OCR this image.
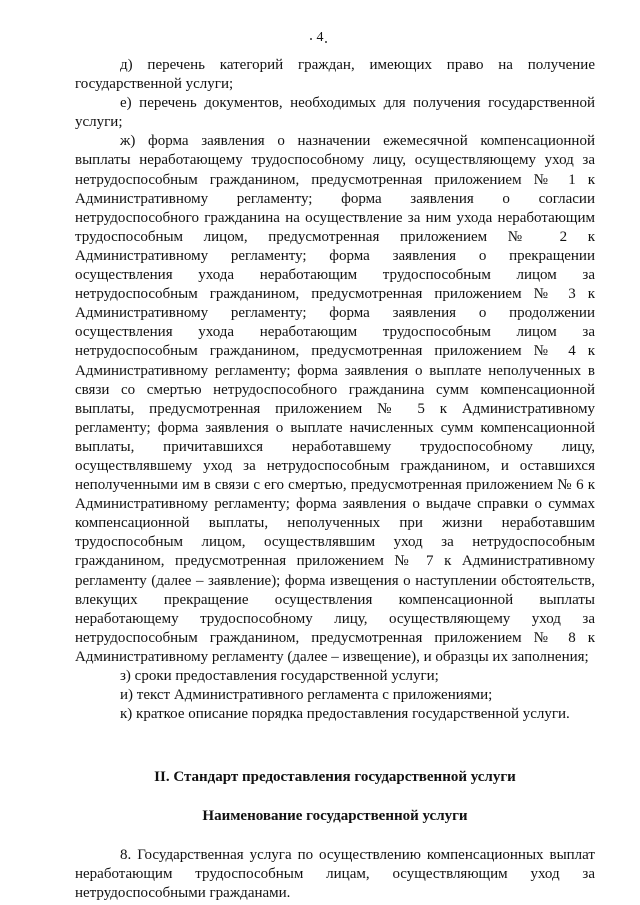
4

д) перечень категорий граждан, имеющих право на получение государственной услуги;

е) перечень документов, необходимых для получения государственной услуги;

ж) форма заявления о назначении ежемесячной компенсационной выплаты неработающему трудоспособному лицу, осуществляющему уход за нетрудоспособным гражданином, предусмотренная приложением № 1 к Административному регламенту; форма заявления о согласии нетрудоспособного гражданина на осуществление за ним ухода неработающим трудоспособным лицом, предусмотренная приложением № 2 к Административному регламенту; форма заявления о прекращении осуществления ухода неработающим трудоспособным лицом за нетрудоспособным гражданином, предусмотренная приложением № 3 к Административному регламенту; форма заявления о продолжении осуществления ухода неработающим трудоспособным лицом за нетрудоспособным гражданином, предусмотренная приложением № 4 к Административному регламенту; форма заявления о выплате неполученных в связи со смертью нетрудоспособного гражданина сумм компенсационной выплаты, предусмотренная приложением № 5 к Административному регламенту; форма заявления о выплате начисленных сумм компенсационной выплаты, причитавшихся неработавшему трудоспособному лицу, осуществлявшему уход за нетрудоспособным гражданином, и оставшихся неполученными им в связи с его смертью, предусмотренная приложением № 6 к Административному регламенту; форма заявления о выдаче справки о суммах компенсационной выплаты, неполученных при жизни неработавшим трудоспособным лицом, осуществлявшим уход за нетрудоспособным гражданином, предусмотренная приложением № 7 к Административному регламенту (далее – заявление); форма извещения о наступлении обстоятельств, влекущих прекращение осуществления компенсационной выплаты неработающему трудоспособному лицу, осуществляющему уход за нетрудоспособным гражданином, предусмотренная приложением № 8 к Административному регламенту (далее – извещение), и образцы их заполнения;

з) сроки предоставления государственной услуги;

и) текст Административного регламента с приложениями;

к) краткое описание порядка предоставления государственной услуги.

II. Стандарт предоставления государственной услуги

Наименование государственной услуги

8. Государственная услуга по осуществлению компенсационных выплат неработающим трудоспособным лицам, осуществляющим уход за нетрудоспособными гражданами.
